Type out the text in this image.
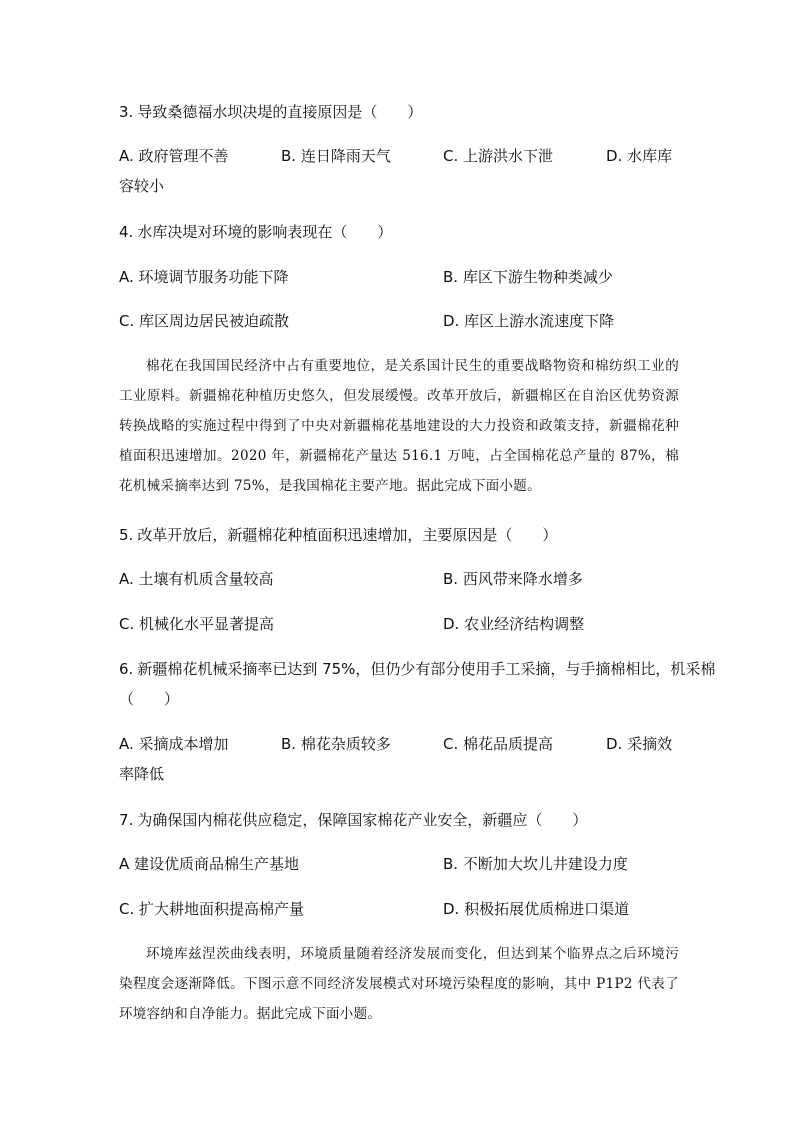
3. 导致桑德福水坝决堤的直接原因是（　　）
A. 政府管理不善	B. 连日降雨天气	C. 上游洪水下泄	D. 水库库
容较小
4. 水库决堤对环境的影响表现在（　　）
A. 环境调节服务功能下降	B. 库区下游生物种类减少
C. 库区周边居民被迫疏散	D. 库区上游水流速度下降
棉花在我国国民经济中占有重要地位，是关系国计民生的重要战略物资和棉纺织工业的工业原料。新疆棉花种植历史悠久，但发展缓慢。改革开放后，新疆棉区在自治区优势资源转换战略的实施过程中得到了中央对新疆棉花基地建设的大力投资和政策支持，新疆棉花种植面积迅速增加。2020 年，新疆棉花产量达 516.1 万吨，占全国棉花总产量的 87%，棉花机械采摘率达到 75%，是我国棉花主要产地。据此完成下面小题。
5. 改革开放后，新疆棉花种植面积迅速增加，主要原因是（　　）
A. 土壤有机质含量较高	B. 西风带来降水增多
C. 机械化水平显著提高	D. 农业经济结构调整
6. 新疆棉花机械采摘率已达到 75%，但仍少有部分使用手工采摘，与手摘棉相比，机采棉
（　　）
A. 采摘成本增加	B. 棉花杂质较多	C. 棉花品质提高	D. 采摘效
率降低
7. 为确保国内棉花供应稳定，保障国家棉花产业安全，新疆应（　　）
A 建设优质商品棉生产基地	B. 不断加大坎儿井建设力度
C. 扩大耕地面积提高棉产量	D. 积极拓展优质棉进口渠道
环境库兹涅茨曲线表明，环境质量随着经济发展而变化，但达到某个临界点之后环境污染程度会逐渐降低。下图示意不同经济发展模式对环境污染程度的影响，其中 P1P2 代表了环境容纳和自净能力。据此完成下面小题。
